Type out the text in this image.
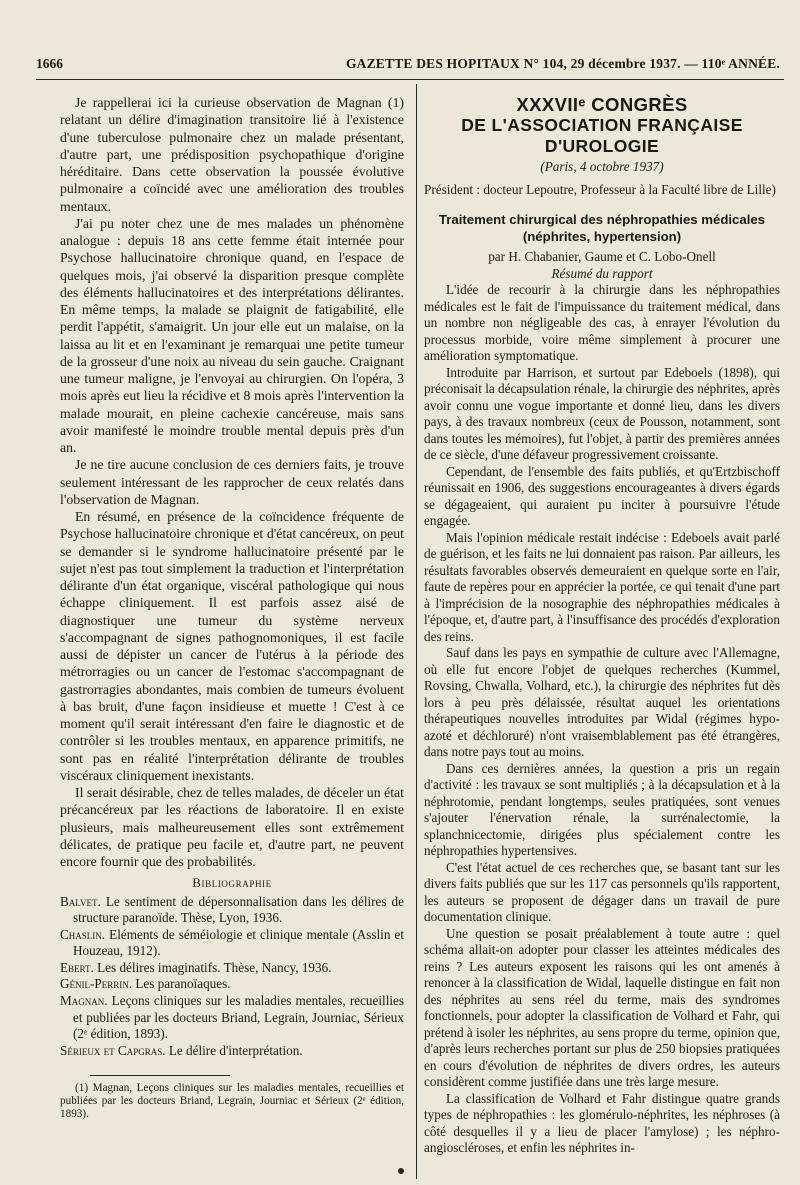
1666	GAZETTE DES HOPITAUX N° 104, 29 décembre 1937. — 110ᵉ ANNÉE.

Je rappellerai ici la curieuse observation de Magnan (1) relatant un délire d'imagination transitoire lié à l'existence d'une tuberculose pulmonaire chez un malade présentant, d'autre part, une prédisposition psychopathique d'origine héréditaire. Dans cette observation la poussée évolutive pulmonaire a coïncidé avec une amélioration des troubles mentaux.

J'ai pu noter chez une de mes malades un phénomène analogue : depuis 18 ans cette femme était internée pour Psychose hallucinatoire chronique quand, en l'espace de quelques mois, j'ai observé la disparition presque complète des éléments hallucinatoires et des interprétations délirantes. En même temps, la malade se plaignit de fatigabilité, elle perdit l'appétit, s'amaigrit. Un jour elle eut un malaise, on la laissa au lit et en l'examinant je remarquai une petite tumeur de la grosseur d'une noix au niveau du sein gauche. Craignant une tumeur maligne, je l'envoyai au chirurgien. On l'opéra, 3 mois après eut lieu la récidive et 8 mois après l'intervention la malade mourait, en pleine cachexie cancéreuse, mais sans avoir manifesté le moindre trouble mental depuis près d'un an.

Je ne tire aucune conclusion de ces derniers faits, je trouve seulement intéressant de les rapprocher de ceux relatés dans l'observation de Magnan.

En résumé, en présence de la coïncidence fréquente de Psychose hallucinatoire chronique et d'état cancéreux, on peut se demander si le syndrome hallucinatoire présenté par le sujet n'est pas tout simplement la traduction et l'interprétation délirante d'un état organique, viscéral pathologique qui nous échappe cliniquement. Il est parfois assez aisé de diagnostiquer une tumeur du système nerveux s'accompagnant de signes pathognomoniques, il est facile aussi de dépister un cancer de l'utérus à la période des métrorragies ou un cancer de l'estomac s'accompagnant de gastrorragies abondantes, mais combien de tumeurs évoluent à bas bruit, d'une façon insidieuse et muette ! C'est à ce moment qu'il serait intéressant d'en faire le diagnostic et de contrôler si les troubles mentaux, en apparence primitifs, ne sont pas en réalité l'interprétation délirante de troubles viscéraux cliniquement inexistants.

Il serait désirable, chez de telles malades, de déceler un état précancéreux par les réactions de laboratoire. Il en existe plusieurs, mais malheureusement elles sont extrêmement délicates, de pratique peu facile et, d'autre part, ne peuvent encore fournir que des probabilités.

Bibliographie

Balvet. Le sentiment de dépersonnalisation dans les délires de structure paranoïde. Thèse, Lyon, 1936.

Chaslin. Eléments de séméiologie et clinique mentale (Asslin et Houzeau, 1912).

Ebert. Les délires imaginatifs. Thèse, Nancy, 1936.

Génil-Perrin. Les paranoïaques.

Magnan. Leçons cliniques sur les maladies mentales, recueillies et publiées par les docteurs Briand, Legrain, Journiac, Sérieux (2ᵉ édition, 1893).

Sérieux et Capgras. Le délire d'interprétation.

(1) Magnan, Leçons cliniques sur les maladies mentales, recueillies et publiées par les docteurs Briand, Legrain, Journiac et Sérieux (2ᵉ édition, 1893).

XXXVIIᵉ CONGRÈS
DE L'ASSOCIATION FRANÇAISE D'UROLOGIE
(Paris, 4 octobre 1937)

Président : docteur Lepoutre, Professeur à la Faculté libre de Lille)

Traitement chirurgical des néphropathies médicales (néphrites, hypertension)
par H. Chabanier, Gaume et C. Lobo-Onell
Résumé du rapport

L'idée de recourir à la chirurgie dans les néphropathies médicales est le fait de l'impuissance du traitement médical, dans un nombre non négligeable des cas, à enrayer l'évolution du processus morbide, voire même simplement à procurer une amélioration symptomatique.

Introduite par Harrison, et surtout par Edeboels (1898), qui préconisait la décapsulation rénale, la chirurgie des néphrites, après avoir connu une vogue importante et donné lieu, dans les divers pays, à des travaux nombreux (ceux de Pousson, notamment, sont dans toutes les mémoires), fut l'objet, à partir des premières années de ce siècle, d'une défaveur progressivement croissante.

Cependant, de l'ensemble des faits publiés, et qu'Ertzbischoff réunissait en 1906, des suggestions encourageantes à divers égards se dégageaient, qui auraient pu inciter à poursuivre l'étude engagée.

Mais l'opinion médicale restait indécise : Edeboels avait parlé de guérison, et les faits ne lui donnaient pas raison. Par ailleurs, les résultats favorables observés demeuraient en quelque sorte en l'air, faute de repères pour en apprécier la portée, ce qui tenait d'une part à l'imprécision de la nosographie des néphropathies médicales à l'époque, et, d'autre part, à l'insuffisance des procédés d'exploration des reins.

Sauf dans les pays en sympathie de culture avec l'Allemagne, où elle fut encore l'objet de quelques recherches (Kummel, Rovsing, Chwalla, Volhard, etc.), la chirurgie des néphrites fut dès lors à peu près délaissée, résultat auquel les orientations thérapeutiques nouvelles introduites par Widal (régimes hypo-azoté et déchloruré) n'ont vraisemblablement pas été étrangères, dans notre pays tout au moins.

Dans ces dernières années, la question a pris un regain d'activité : les travaux se sont multipliés ; à la décapsulation et à la néphrotomie, pendant longtemps, seules pratiquées, sont venues s'ajouter l'énervation rénale, la surrénalectomie, la splanchnicectomie, dirigées plus spécialement contre les néphropathies hypertensives.

C'est l'état actuel de ces recherches que, se basant tant sur les divers faits publiés que sur les 117 cas personnels qu'ils rapportent, les auteurs se proposent de dégager dans un travail de pure documentation clinique.

Une question se posait préalablement à toute autre : quel schéma allait-on adopter pour classer les atteintes médicales des reins ? Les auteurs exposent les raisons qui les ont amenés à renoncer à la classification de Widal, laquelle distingue en fait non des néphrites au sens réel du terme, mais des syndromes fonctionnels, pour adopter la classification de Volhard et Fahr, qui prétend à isoler les néphrites, au sens propre du terme, opinion que, d'après leurs recherches portant sur plus de 250 biopsies pratiquées en cours d'évolution de néphrites de divers ordres, les auteurs considèrent comme justifiée dans une très large mesure.

La classification de Volhard et Fahr distingue quatre grands types de néphropathies : les glomérulo-néphrites, les néphroses (à côté desquelles il y a lieu de placer l'amylose) ; les néphro-angioscléroses, et enfin les néphrites in-
